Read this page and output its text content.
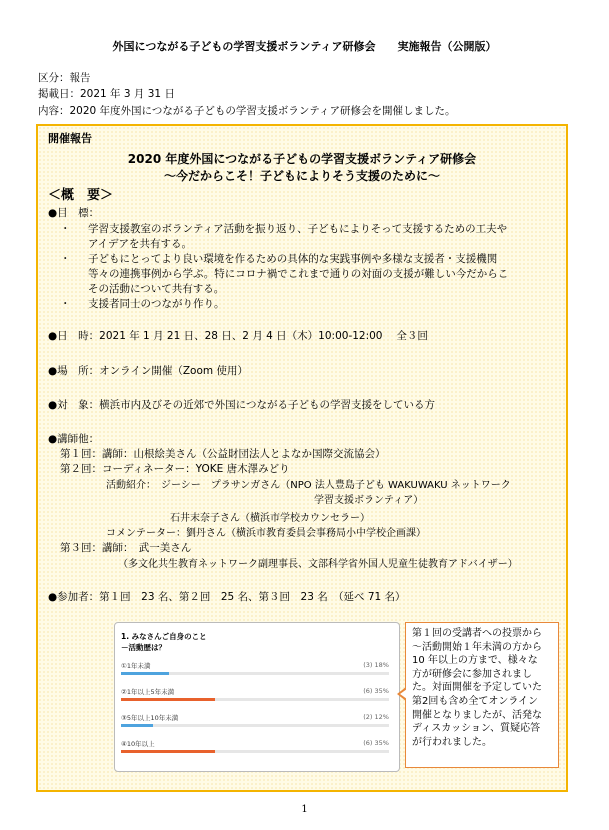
外国につながる子どもの学習支援ボランティア研修会　　実施報告（公開版）
区分：報告
掲載日：2021 年 3 月 31 日
内容：2020 年度外国につながる子どもの学習支援ボランティア研修会を開催しました。
開催報告
2020 年度外国につながる子どもの学習支援ボランティア研修会
～今だからこそ！子どもによりそう支援のために～
＜概　要＞
●目　標：
・ 学習支援教室のボランティア活動を振り返り、子どもによりそって支援するための工夫や
アイデアを共有する。
・ 子どもにとってより良い環境を作るための具体的な実践事例や多様な支援者・支援機関
等々の連携事例から学ぶ。特にコロナ禍でこれまで通りの対面の支援が難しい今だからこ
その活動について共有する。
・ 支援者同士のつながり作り。
●日　時：2021 年 1 月 21 日、28 日、2 月 4 日（木）10:00-12:00　 全３回
●場　所：オンライン開催（Zoom 使用）
●対　象：横浜市内及びその近郊で外国につながる子どもの学習支援をしている方
●講師他：
第１回：講師：山根絵美さん（公益財団法人とよなか国際交流協会）
第２回：コーディネーター：YOKE 唐木澤みどり
活動紹介：　ジーシー　プラサンガさん（NPO 法人豊島子ども WAKUWAKU ネットワーク
学習支援ボランティア）
石井末奈子さん（横浜市学校カウンセラー）
コメンテーター：劉丹さん（横浜市教育委員会事務局小中学校企画課）
第３回：講師：　武一美さん
（多文化共生教育ネットワーク副理事長、文部科学省外国人児童生徒教育アドバイザー）
●参加者：第１回　23 名、第２回　25 名、第３回　23 名　（延べ 71 名）
1. みなさんご自身のこと
－活動歴は？
①1年未満	(3) 18%
②1年以上5年未満	(6) 35%
③5年以上10年未満	(2) 12%
④10年以上	(6) 35%
第１回の受講者への投票から
～活動開始１年未満の方から
10 年以上の方まで、様々な
方が研修会に参加されまし
た。対面開催を予定していた
第2回も含め全てオンライン
開催となりましたが、活発な
ディスカッション、質疑応答
が行われました。
1
